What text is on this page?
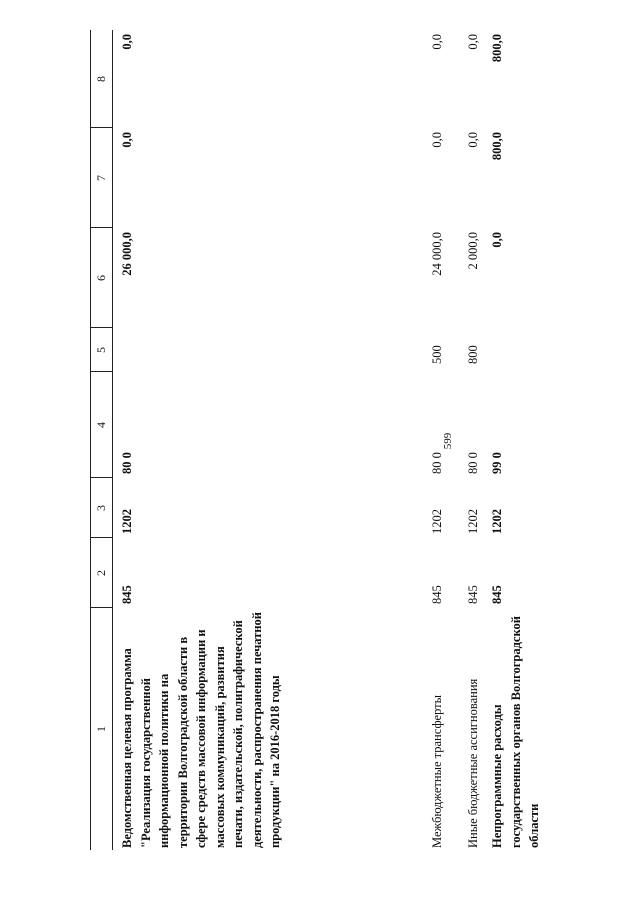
599
1
2
3
4
5
6
7
8
Ведомственная целевая программа "Реализация государственной информационной политики на территории Волгоградской области в сфере средств массовой информации и массовых коммуникаций, развития печати, издательской, полиграфической деятельности, распространения печатной продукции" на 2016-2018 годы
845
1202
80 0
26 000,0
0,0
0,0
Межбюджетные трансферты
845
1202
80 0
500
24 000,0
0,0
0,0
Иные бюджетные ассигнования
845
1202
80 0
800
2 000,0
0,0
0,0
Непрограммные расходы государственных органов Волгоградской области
845
1202
99 0
0,0
800,0
800,0
